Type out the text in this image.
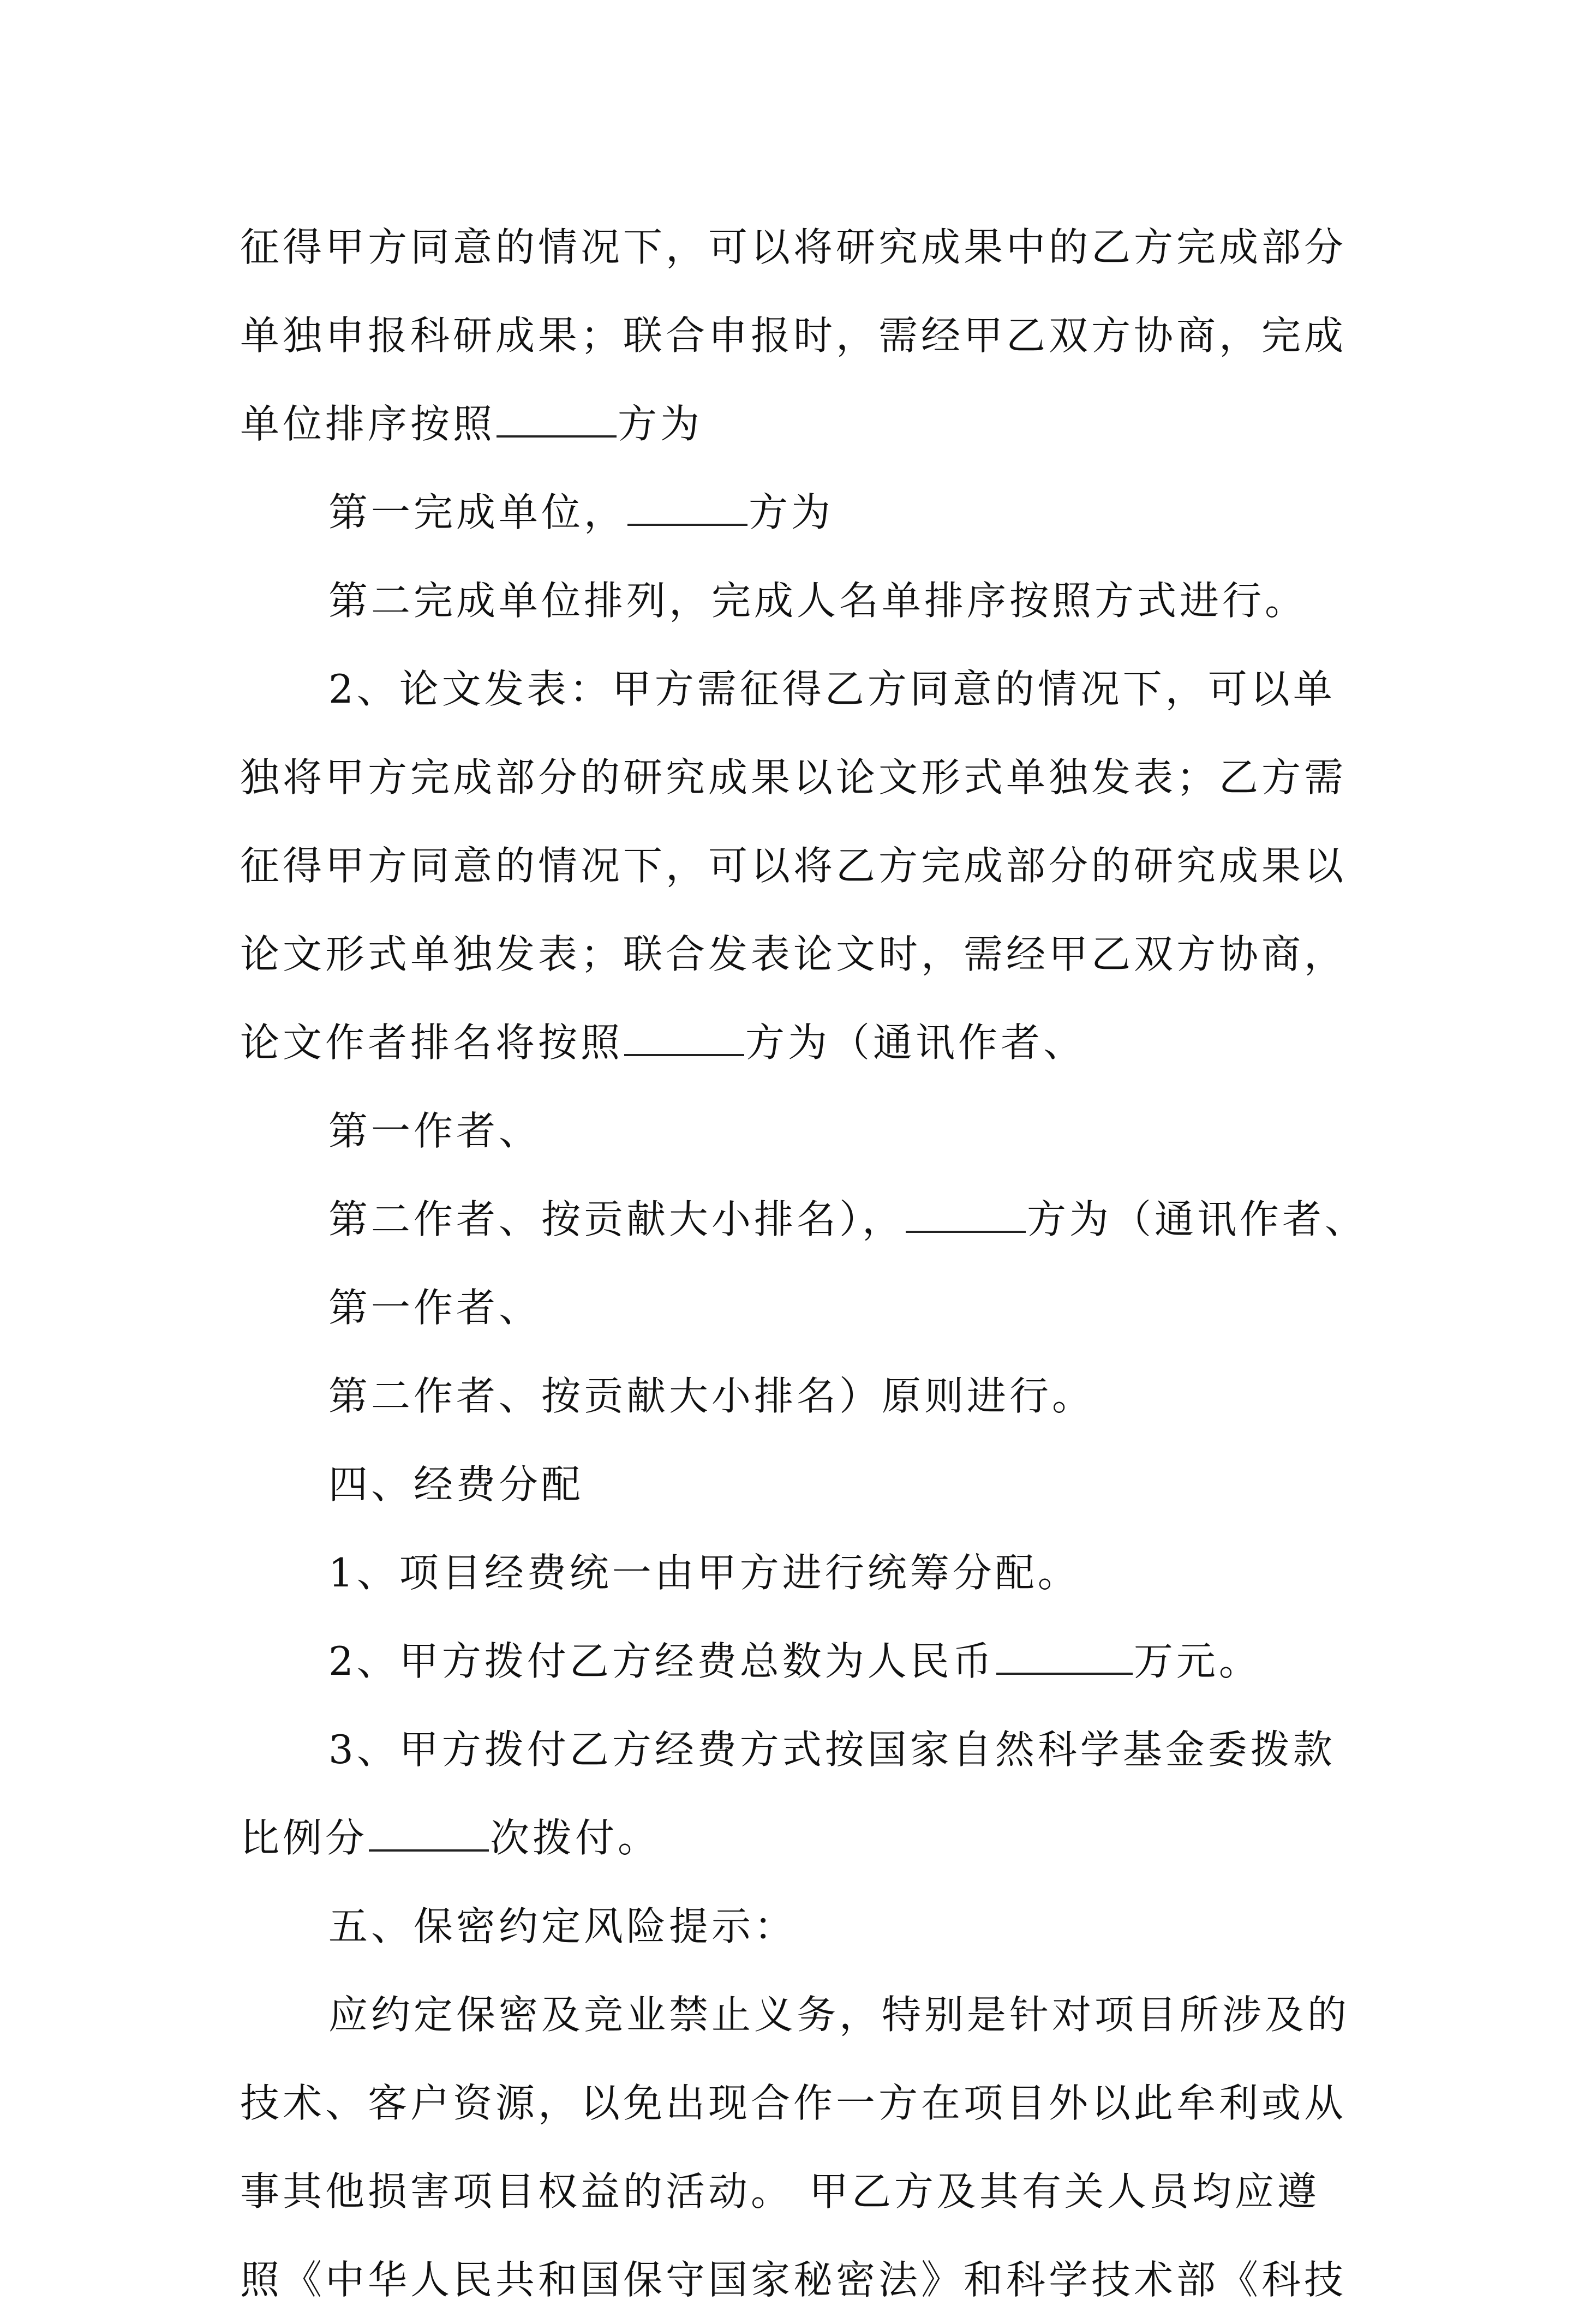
征得甲方同意的情况下，可以将研究成果中的乙方完成部分
单独申报科研成果；联合申报时，需经甲乙双方协商，完成
单位排序按照	方为
第一完成单位，	方为
第二完成单位排列，完成人名单排序按照方式进行。
2、论文发表：甲方需征得乙方同意的情况下，可以单
独将甲方完成部分的研究成果以论文形式单独发表；乙方需
征得甲方同意的情况下，可以将乙方完成部分的研究成果以
论文形式单独发表；联合发表论文时，需经甲乙双方协商，
论文作者排名将按照	方为（通讯作者、
第一作者、
第二作者、按贡献大小排名），	方为（通讯作者、
第一作者、
第二作者、按贡献大小排名）原则进行。
四、经费分配
1、项目经费统一由甲方进行统筹分配。
2、甲方拨付乙方经费总数为人民币	万元。
3、甲方拨付乙方经费方式按国家自然科学基金委拨款
比例分	次拨付。
五、保密约定风险提示：
应约定保密及竞业禁止义务，特别是针对项目所涉及的
技术、客户资源，以免出现合作一方在项目外以此牟利或从
事其他损害项目权益的活动。 甲乙方及其有关人员均应遵
照《中华人民共和国保守国家秘密法》和科学技术部《科技
